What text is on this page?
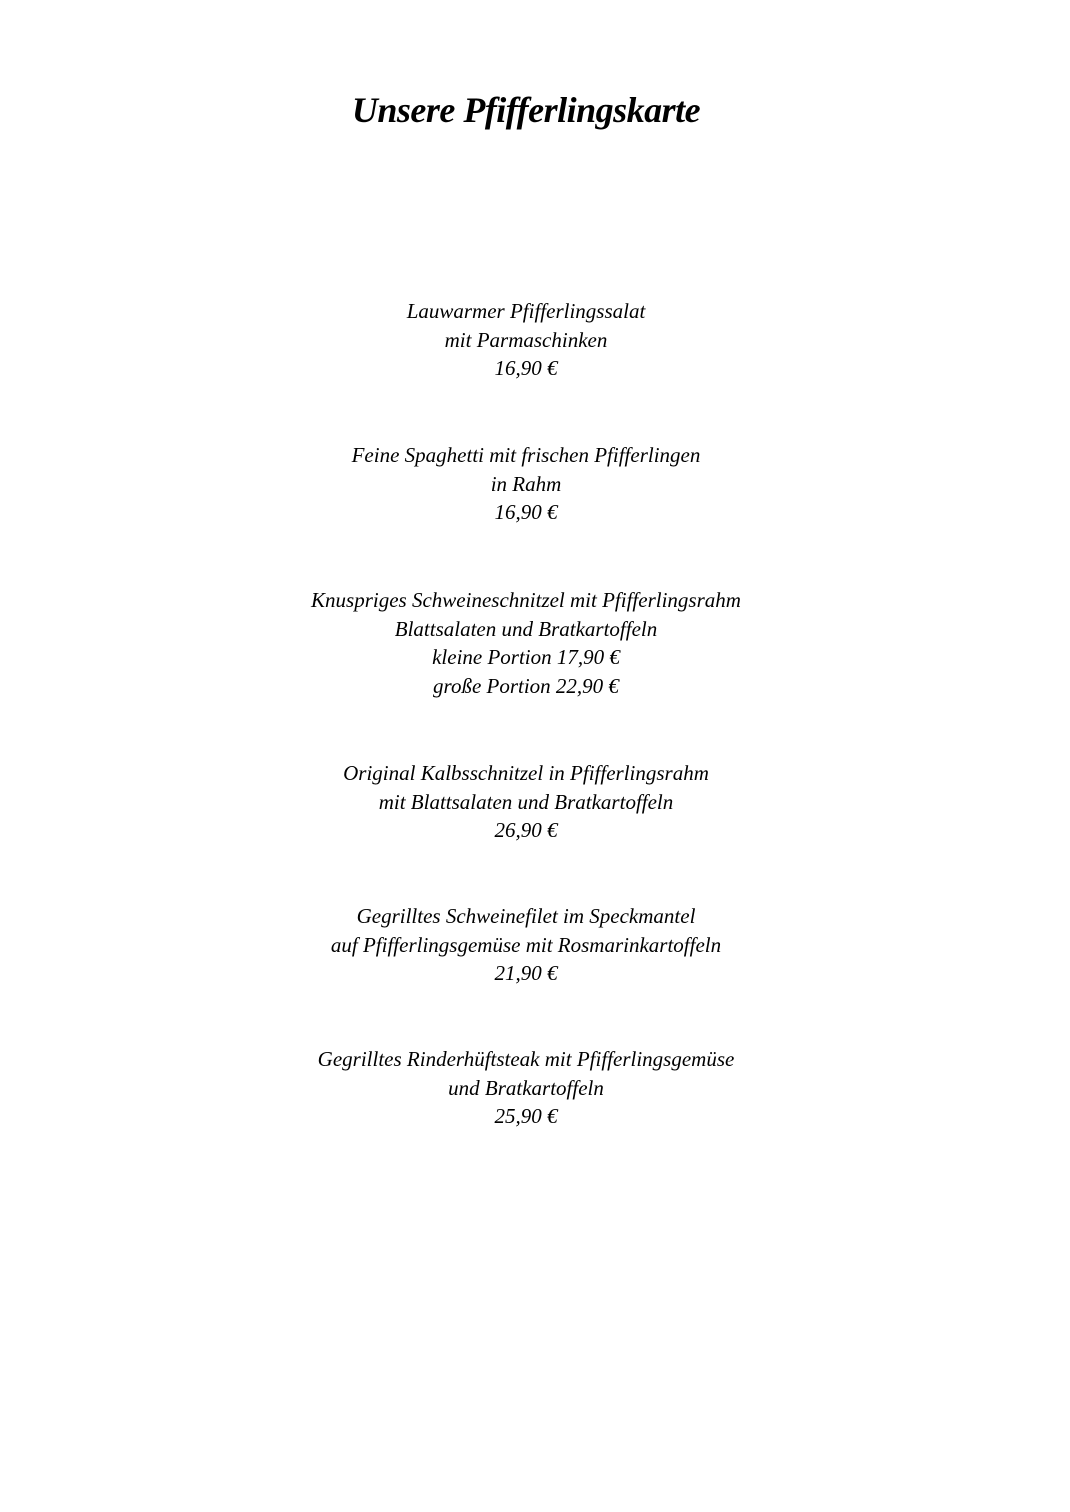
Unsere Pfifferlingskarte
Lauwarmer Pfifferlingssalat
mit Parmaschinken
16,90 €
Feine Spaghetti mit frischen Pfifferlingen
in Rahm
16,90 €
Knuspriges Schweineschnitzel mit Pfifferlingsrahm
Blattsalaten und Bratkartoffeln
kleine Portion 17,90 €
große Portion 22,90 €
Original Kalbsschnitzel in Pfifferlingsrahm
mit Blattsalaten und Bratkartoffeln
26,90 €
Gegrilltes Schweinefilet im Speckmantel
auf Pfifferlingsgemüse mit Rosmarinkartoffeln
21,90 €
Gegrilltes Rinderhüftsteak mit Pfifferlingsgemüse
und Bratkartoffeln
25,90 €
